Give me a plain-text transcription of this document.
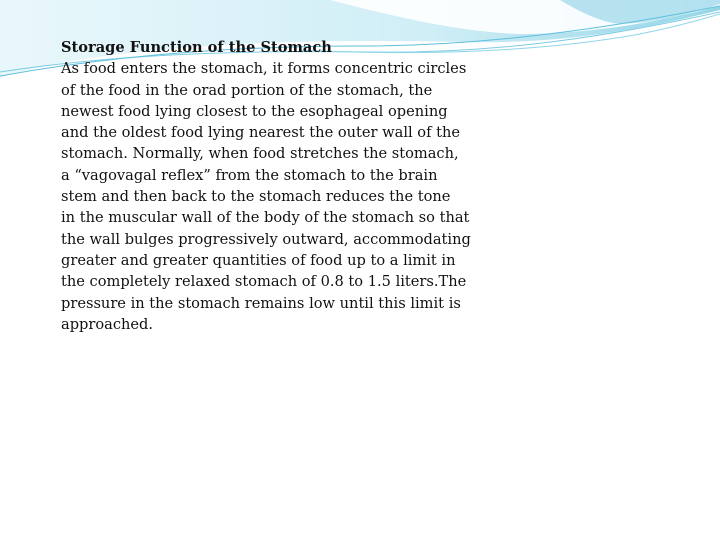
Storage Function of the Stomach

As food enters the stomach, it forms concentric circles
of the food in the orad portion of the stomach, the
newest food lying closest to the esophageal opening
and the oldest food lying nearest the outer wall of the
stomach. Normally, when food stretches the stomach,
a “vagovagal reflex” from the stomach to the brain
stem and then back to the stomach reduces the tone
in the muscular wall of the body of the stomach so that
the wall bulges progressively outward, accommodating
greater and greater quantities of food up to a limit in
the completely relaxed stomach of 0.8 to 1.5 liters.The
pressure in the stomach remains low until this limit is
approached.
